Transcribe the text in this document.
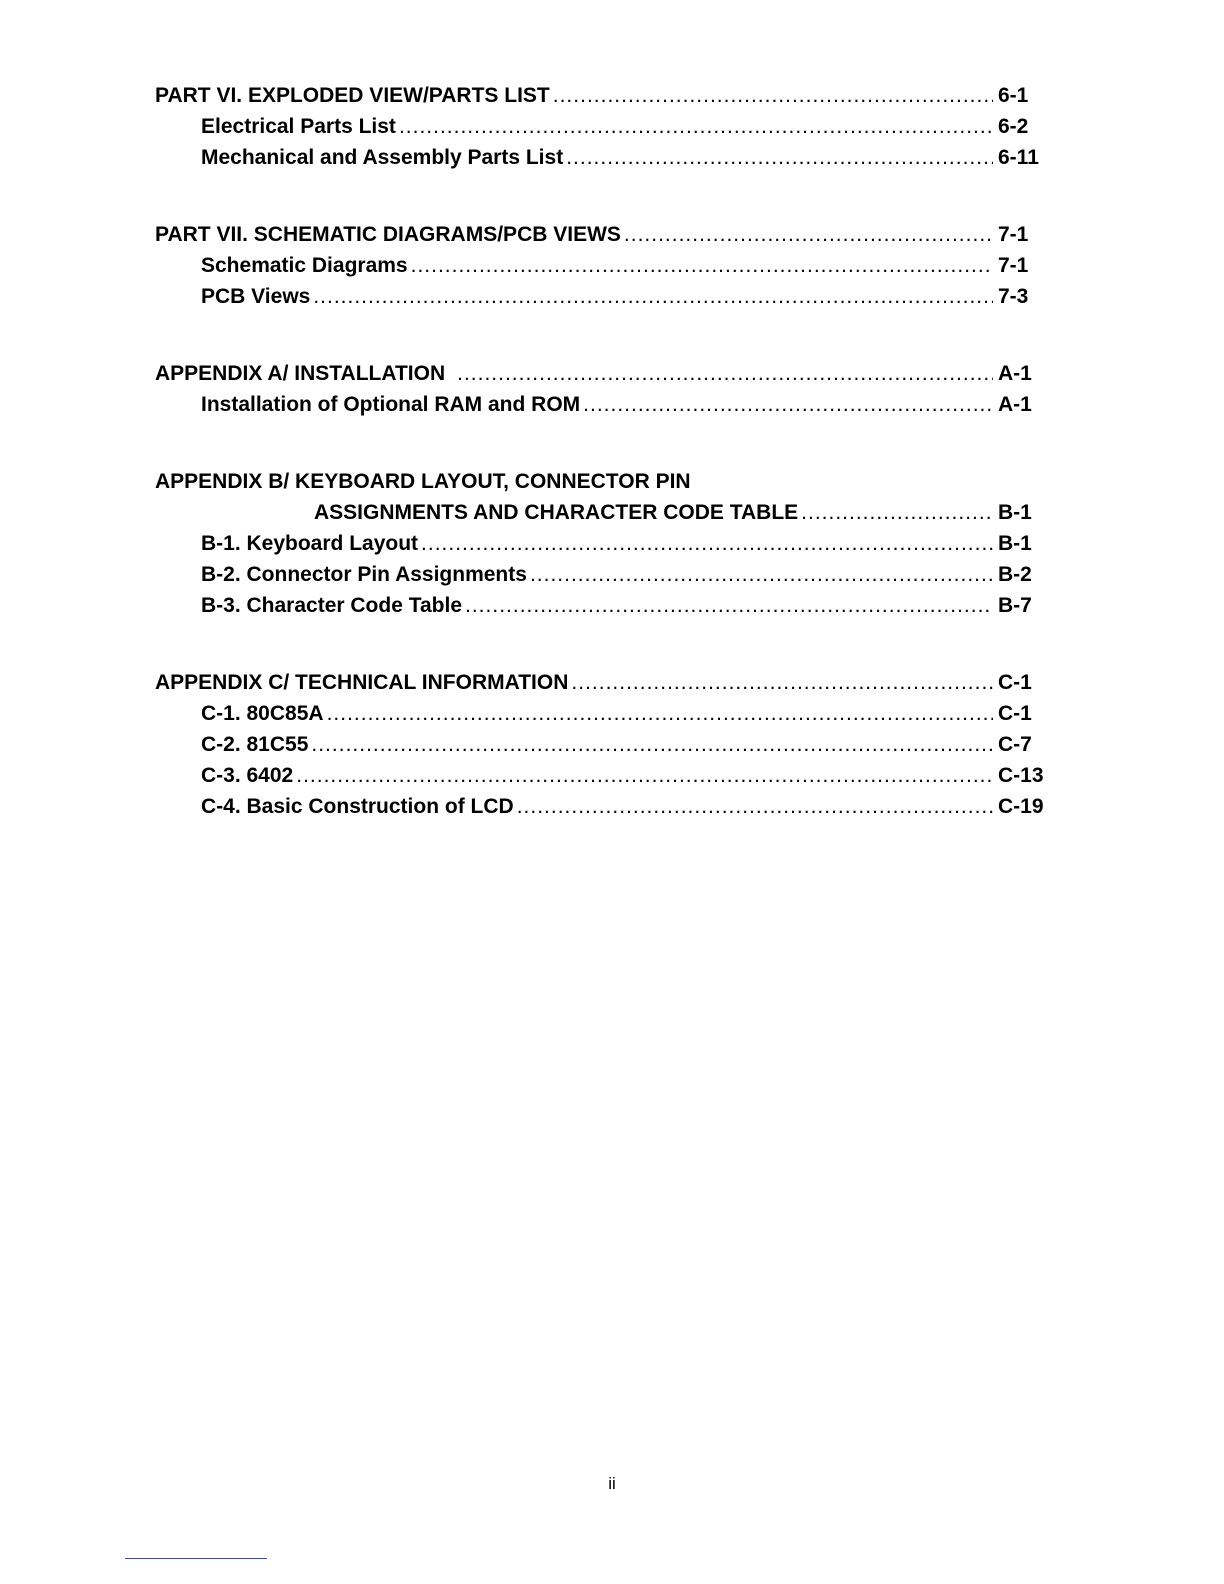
PART VI. EXPLODED VIEW/PARTS LIST .....	6-1
Electrical Parts List .....	6-2
Mechanical and Assembly Parts List .....	6-11
PART VII. SCHEMATIC DIAGRAMS/PCB VIEWS .....	7-1
Schematic Diagrams .....	7-1
PCB Views .....	7-3
APPENDIX A/ INSTALLATION .....	A-1
Installation of Optional RAM and ROM .....	A-1
APPENDIX B/ KEYBOARD LAYOUT, CONNECTOR PIN
ASSIGNMENTS AND CHARACTER CODE TABLE .....	B-1
B-1. Keyboard Layout .....	B-1
B-2. Connector Pin Assignments .....	B-2
B-3. Character Code Table .....	B-7
APPENDIX C/ TECHNICAL INFORMATION .....	C-1
C-1. 80C85A .....	C-1
C-2. 81C55 .....	C-7
C-3. 6402 .....	C-13
C-4. Basic Construction of LCD .....	C-19
ii
